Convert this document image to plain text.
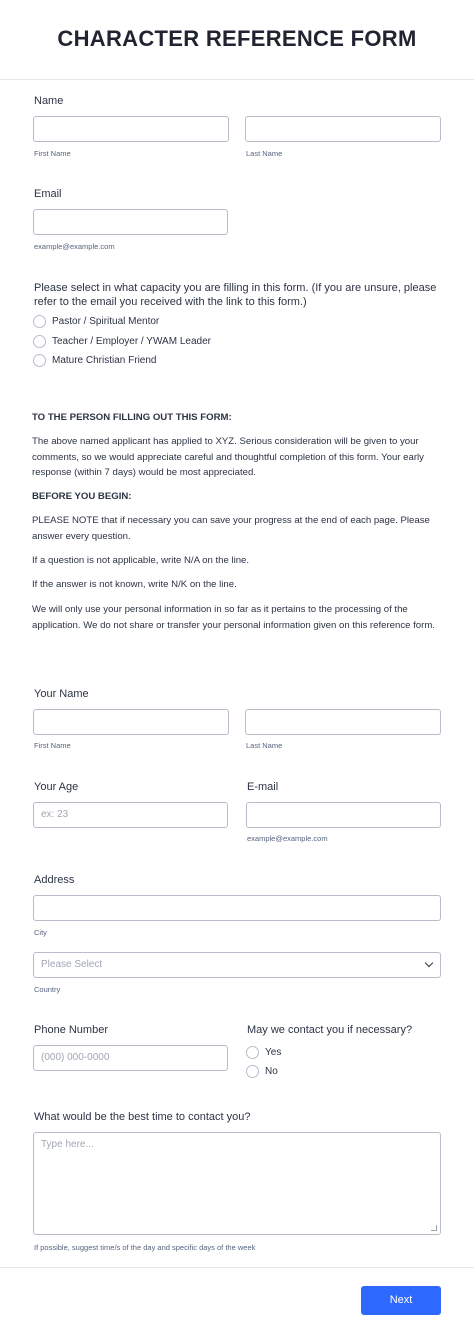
CHARACTER REFERENCE FORM
Name
First Name	Last Name
Email
example@example.com
Please select in what capacity you are filling in this form. (If you are unsure, please refer to the email you received with the link to this form.)
Pastor / Spiritual Mentor
Teacher / Employer / YWAM Leader
Mature Christian Friend
TO THE PERSON FILLING OUT THIS FORM:
The above named applicant has applied to XYZ. Serious consideration will be given to your comments, so we would appreciate careful and thoughtful completion of this form. Your early response (within 7 days) would be most appreciated.
BEFORE YOU BEGIN:
PLEASE NOTE that if necessary you can save your progress at the end of each page. Please answer every question.
If a question is not applicable, write N/A on the line.
If the answer is not known, write N/K on the line.
We will only use your personal information in so far as it pertains to the processing of the application. We do not share or transfer your personal information given on this reference form.
Your Name
First Name	Last Name
Your Age
ex: 23
E-mail
example@example.com
Address
City
Please Select
Country
Phone Number
(000) 000-0000
May we contact you if necessary?
Yes
No
What would be the best time to contact you?
Type here...
If possible, suggest time/s of the day and specific days of the week
Next
